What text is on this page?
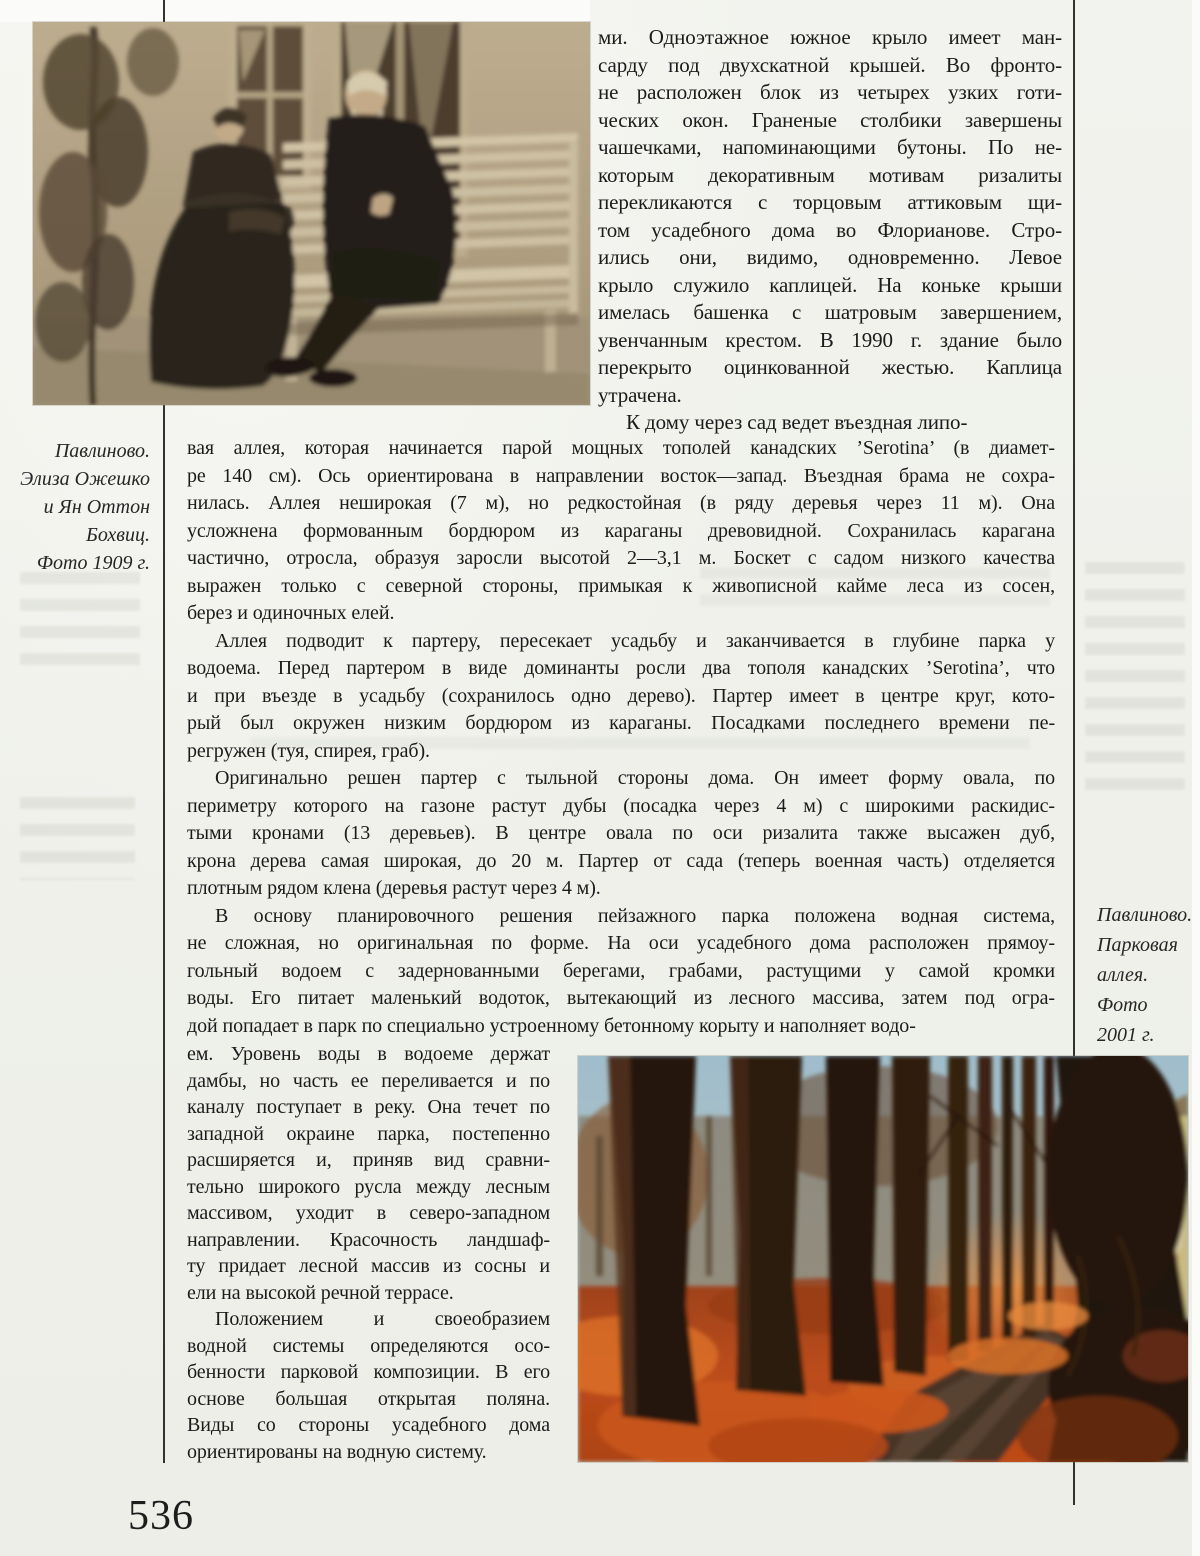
Павлиново.
Элиза Ожешко
и Ян Оттон
Бохвиц.
Фото 1909 г.
ми. Одноэтажное южное крыло имеет ман-
сарду под двухскатной крышей. Во фронто-
не расположен блок из четырех узких готи-
ческих окон. Граненые столбики завершены
чашечками, напоминающими бутоны. По не-
которым декоративным мотивам ризалиты
перекликаются с торцовым аттиковым щи-
том усадебного дома во Флорианове. Стро-
ились они, видимо, одновременно. Левое
крыло служило каплицей. На коньке крыши
имелась башенка с шатровым завершением,
увенчанным крестом. В 1990 г. здание было
перекрыто оцинкованной жестью. Каплица
утрачена.
К дому через сад ведет въездная липо-
вая аллея, которая начинается парой мощных тополей канадских ’Serotina’ (в диамет-
ре 140 см). Ось ориентирована в направлении восток—запад. Въездная брама не сохра-
нилась. Аллея неширокая (7 м), но редкостойная (в ряду деревья через 11 м). Она
усложнена формованным бордюром из караганы древовидной. Сохранилась карагана
частично, отросла, образуя заросли высотой 2—3,1 м. Боскет с садом низкого качества
выражен только с северной стороны, примыкая к живописной кайме леса из сосен,
берез и одиночных елей.
Аллея подводит к партеру, пересекает усадьбу и заканчивается в глубине парка у
водоема. Перед партером в виде доминанты росли два тополя канадских ’Serotina’, что
и при въезде в усадьбу (сохранилось одно дерево). Партер имеет в центре круг, кото-
рый был окружен низким бордюром из караганы. Посадками последнего времени пе-
регружен (туя, спирея, граб).
Оригинально решен партер с тыльной стороны дома. Он имеет форму овала, по
периметру которого на газоне растут дубы (посадка через 4 м) с широкими раскидис-
тыми кронами (13 деревьев). В центре овала по оси ризалита также высажен дуб,
крона дерева самая широкая, до 20 м. Партер от сада (теперь военная часть) отделяется
плотным рядом клена (деревья растут через 4 м).
В основу планировочного решения пейзажного парка положена водная система,
не сложная, но оригинальная по форме. На оси усадебного дома расположен прямоу-
гольный водоем с задернованными берегами, грабами, растущими у самой кромки
воды. Его питает маленький водоток, вытекающий из лесного массива, затем под огра-
дой попадает в парк по специально устроенному бетонному корыту и наполняет водо-
ем. Уровень воды в водоеме держат
дамбы, но часть ее переливается и по
каналу поступает в реку. Она течет по
западной окраине парка, постепенно
расширяется и, приняв вид сравни-
тельно широкого русла между лесным
массивом, уходит в северо-западном
направлении. Красочность ландшаф-
ту придает лесной массив из сосны и
ели на высокой речной террасе.
Положением и своеобразием
водной системы определяются осо-
бенности парковой композиции. В его
основе большая открытая поляна.
Виды со стороны усадебного дома
ориентированы на водную систему.
Павлиново.
Парковая
аллея.
Фото
2001 г.
536
